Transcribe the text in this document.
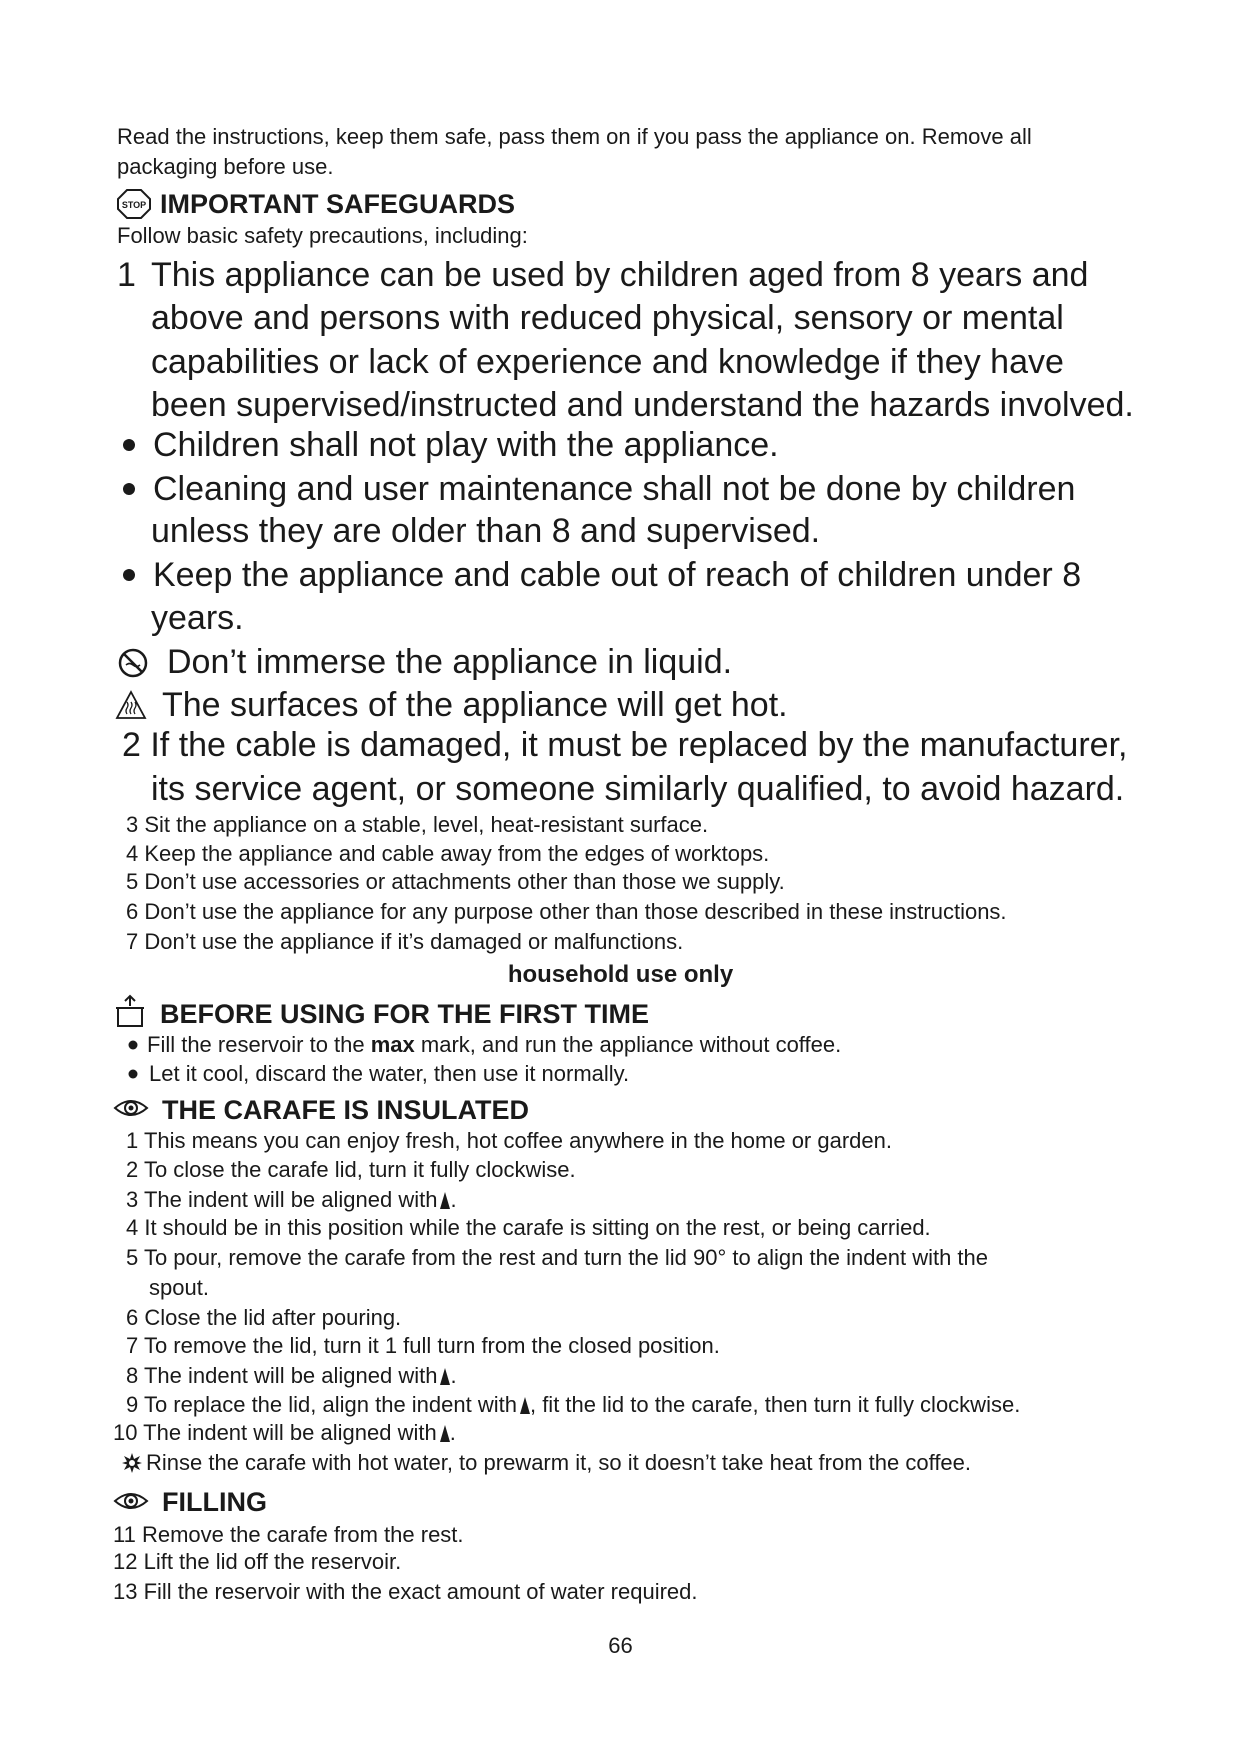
Read the instructions, keep them safe, pass them on if you pass the appliance on. Remove all
packaging before use.
STOP IMPORTANT SAFEGUARDS
Follow basic safety precautions, including:
1 This appliance can be used by children aged from 8 years and
above and persons with reduced physical, sensory or mental
capabilities or lack of experience and knowledge if they have
been supervised/instructed and understand the hazards involved.
Children shall not play with the appliance.
Cleaning and user maintenance shall not be done by children
unless they are older than 8 and supervised.
Keep the appliance and cable out of reach of children under 8
years.
Don’t immerse the appliance in liquid.
The surfaces of the appliance will get hot.
2 If the cable is damaged, it must be replaced by the manufacturer,
its service agent, or someone similarly qualified, to avoid hazard.
3 Sit the appliance on a stable, level, heat-resistant surface.
4 Keep the appliance and cable away from the edges of worktops.
5 Don’t use accessories or attachments other than those we supply.
6 Don’t use the appliance for any purpose other than those described in these instructions.
7 Don’t use the appliance if it’s damaged or malfunctions.
household use only
BEFORE USING FOR THE FIRST TIME
Fill the reservoir to the max mark, and run the appliance without coffee.
Let it cool, discard the water, then use it normally.
THE CARAFE IS INSULATED
1 This means you can enjoy fresh, hot coffee anywhere in the home or garden.
2 To close the carafe lid, turn it fully clockwise.
3 The indent will be aligned with .
4 It should be in this position while the carafe is sitting on the rest, or being carried.
5 To pour, remove the carafe from the rest and turn the lid 90° to align the indent with the
spout.
6 Close the lid after pouring.
7 To remove the lid, turn it 1 full turn from the closed position.
8 The indent will be aligned with .
9 To replace the lid, align the indent with , fit the lid to the carafe, then turn it fully clockwise.
10 The indent will be aligned with .
Rinse the carafe with hot water, to prewarm it, so it doesn’t take heat from the coffee.
FILLING
11 Remove the carafe from the rest.
12 Lift the lid off the reservoir.
13 Fill the reservoir with the exact amount of water required.
66
